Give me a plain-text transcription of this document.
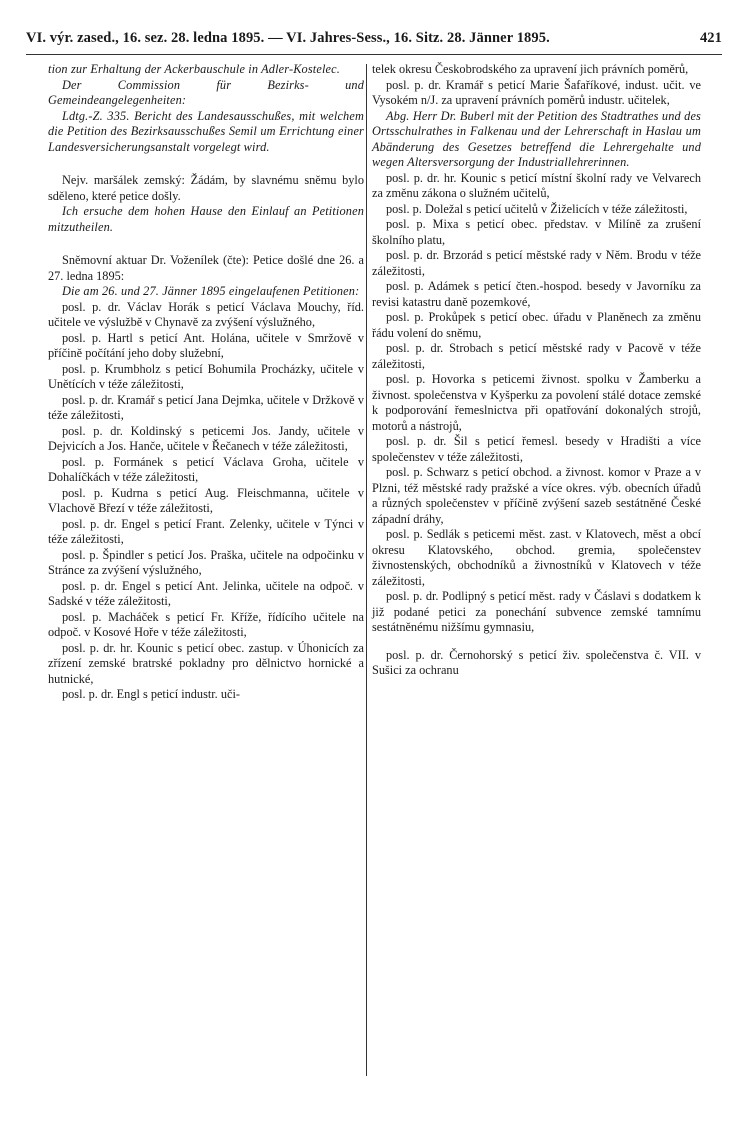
VI. výr. zased., 16. sez. 28. ledna 1895. — VI. Jahres-Sess., 16. Sitz. 28. Jänner 1895.	421

tion zur Erhaltung der Ackerbauschule in Adler-Kostelec.

Der Commission für Bezirks- und Gemeindeangelegenheiten:

Ldtg.-Z. 335. Bericht des Landesausschußes, mit welchem die Petition des Bezirksausschußes Semil um Errichtung einer Landesversicherungsanstalt vorgelegt wird.

Nejv. maršálek zemský: Žádám, by slavnému sněmu bylo sděleno, které petice došly.

Ich ersuche dem hohen Hause den Einlauf an Petitionen mitzutheilen.

Sněmovní aktuar Dr. Voženílek (čte): Petice došlé dne 26. a 27. ledna 1895:

Die am 26. und 27. Jänner 1895 eingelaufenen Petitionen:

posl. p. dr. Václav Horák s peticí Václava Mouchy, říd. učitele ve výslužbě v Chynavě za zvýšení výslužného,

posl. p. Hartl s peticí Ant. Holána, učitele v Smržově v příčině počítání jeho doby služební,

posl. p. Krumbholz s peticí Bohumila Procházky, učitele v Unětících v téže záležitosti,

posl. p. dr. Kramář s peticí Jana Dejmka, učitele v Držkově v téže záležitosti,

posl. p. dr. Koldinský s peticemi Jos. Jandy, učitele v Dejvicích a Jos. Hanče, učitele v Řečanech v téže záležitosti,

posl. p. Formánek s peticí Václava Groha, učitele v Dohalíčkách v téže záležitosti,

posl. p. Kudrna s peticí Aug. Fleischmanna, učitele v Vlachově Březí v téže záležitosti,

posl. p. dr. Engel s peticí Frant. Zelenky, učitele v Týnci v téže záležitosti,

posl. p. Špindler s peticí Jos. Praška, učitele na odpočinku v Stránce za zvýšení výslužného,

posl. p. dr. Engel s peticí Ant. Jelinka, učitele na odpoč. v Sadské v téže záležitosti,

posl. p. Macháček s peticí Fr. Kříže, řídícího učitele na odpoč. v Kosové Hoře v téže záležitosti,

posl. p. dr. hr. Kounic s peticí obec. zastup. v Úhonicích za zřízení zemské bratrské pokladny pro dělnictvo hornické a hutnické,

posl. p. dr. Engl s peticí industr. uči-

telek okresu Českobrodského za upravení jich právních poměrů,

posl. p. dr. Kramář s peticí Marie Šafaříkové, indust. učit. ve Vysokém n/J. za upravení právních poměrů industr. učitelek,

Abg. Herr Dr. Buberl mit der Petition des Stadtrathes und des Ortsschulrathes in Falkenau und der Lehrerschaft in Haslau um Abänderung des Gesetzes betreffend die Lehrergehalte und wegen Altersversorgung der Industriallehrerinnen.

posl. p. dr. hr. Kounic s peticí místní školní rady ve Velvarech za změnu zákona o služném učitelů,

posl. p. Doležal s peticí učitelů v Žiželicích v téže záležitosti,

posl. p. Mixa s peticí obec. představ. v Milíně za zrušení školního platu,

posl. p. dr. Brzorád s peticí městské rady v Něm. Brodu v téže záležitosti,

posl. p. Adámek s peticí čten.-hospod. besedy v Javorníku za revisi katastru daně pozemkové,

posl. p. Prokůpek s peticí obec. úřadu v Planěnech za změnu řádu volení do sněmu,

posl. p. dr. Strobach s peticí městské rady v Pacově v téže záležitosti,

posl. p. Hovorka s peticemi živnost. spolku v Žamberku a živnost. společenstva v Kyšperku za povolení stálé dotace zemské k podporování řemeslnictva při opatřování dokonalých strojů, motorů a nástrojů,

posl. p. dr. Šil s peticí řemesl. besedy v Hradišti a více společenstev v téže záležitosti,

posl. p. Schwarz s peticí obchod. a živnost. komor v Praze a v Plzni, též městské rady pražské a více okres. výb. obecních úřadů a různých společenstev v příčině zvýšení sazeb sestátněné České západní dráhy,

posl. p. Sedlák s peticemi měst. zast. v Klatovech, měst a obcí okresu Klatovského, obchod. gremia, společenstev živnostenských, obchodníků a živnostníků v Klatovech v téže záležitosti,

posl. p. dr. Podlipný s peticí měst. rady v Čáslavi s dodatkem k již podané petici za ponechání subvence zemské tamnímu sestátněnému nižšímu gymnasiu,

posl. p. dr. Černohorský s peticí živ. společenstva č. VII. v Sušici za ochranu
